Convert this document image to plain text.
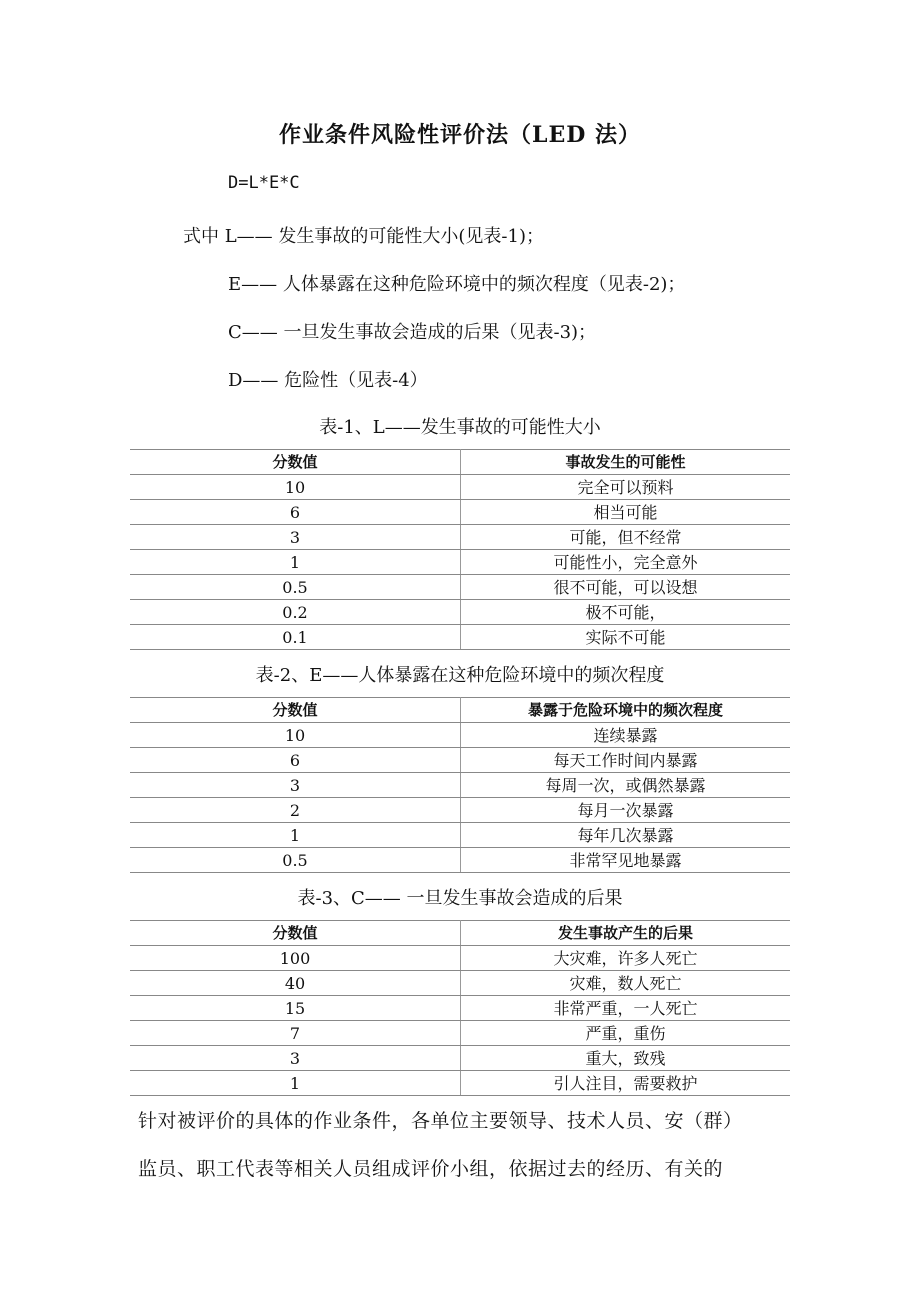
作业条件风险性评价法（LED 法）
D=L*E*C
式中 L—— 发生事故的可能性大小(见表-1)；
E—— 人体暴露在这种危险环境中的频次程度（见表-2)；
C—— 一旦发生事故会造成的后果（见表-3)；
D—— 危险性（见表-4）
表-1、L——发生事故的可能性大小
分数值	事故发生的可能性
10	完全可以预料
6	相当可能
3	可能，但不经常
1	可能性小，完全意外
0.5	很不可能，可以设想
0.2	极不可能，
0.1	实际不可能
表-2、E——人体暴露在这种危险环境中的频次程度
分数值	暴露于危险环境中的频次程度
10	连续暴露
6	每天工作时间内暴露
3	每周一次，或偶然暴露
2	每月一次暴露
1	每年几次暴露
0.5	非常罕见地暴露
表-3、C—— 一旦发生事故会造成的后果
分数值	发生事故产生的后果
100	大灾难，许多人死亡
40	灾难，数人死亡
15	非常严重，一人死亡
7	严重，重伤
3	重大，致残
1	引人注目，需要救护
针对被评价的具体的作业条件，各单位主要领导、技术人员、安（群）
监员、职工代表等相关人员组成评价小组，依据过去的经历、有关的
